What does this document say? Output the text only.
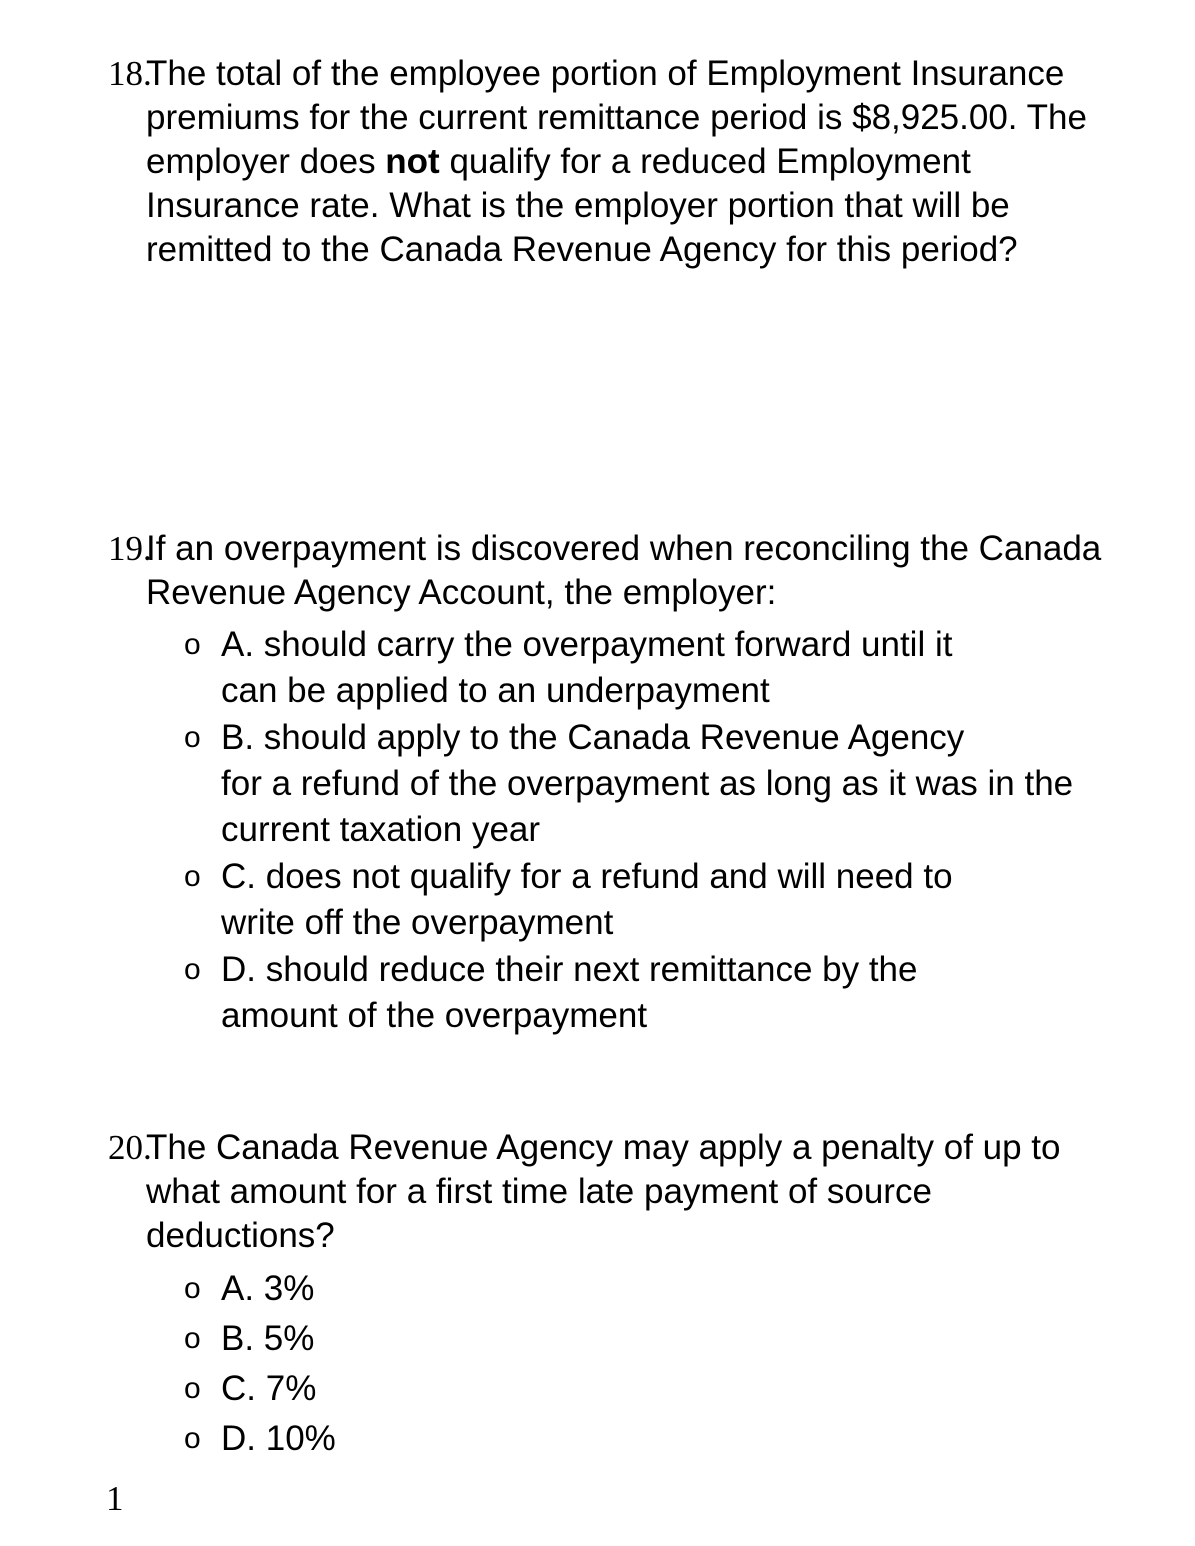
18.
The total of the employee portion of Employment Insurance premiums for the current remittance period is $8,925.00. The employer does not qualify for a reduced Employment Insurance rate. What is the employer portion that will be remitted to the Canada Revenue Agency for this period?
19.
If an overpayment is discovered when reconciling the Canada Revenue Agency Account, the employer:
o A. should carry the overpayment forward until it
can be applied to an underpayment
o B. should apply to the Canada Revenue Agency
for a refund of the overpayment as long as it was in the current taxation year
o C. does not qualify for a refund and will need to
write off the overpayment
o D. should reduce their next remittance by the
amount of the overpayment
20.
The Canada Revenue Agency may apply a penalty of up to what amount for a first time late payment of source deductions?
o A. 3%
o B. 5%
o C. 7%
o D. 10%
1
